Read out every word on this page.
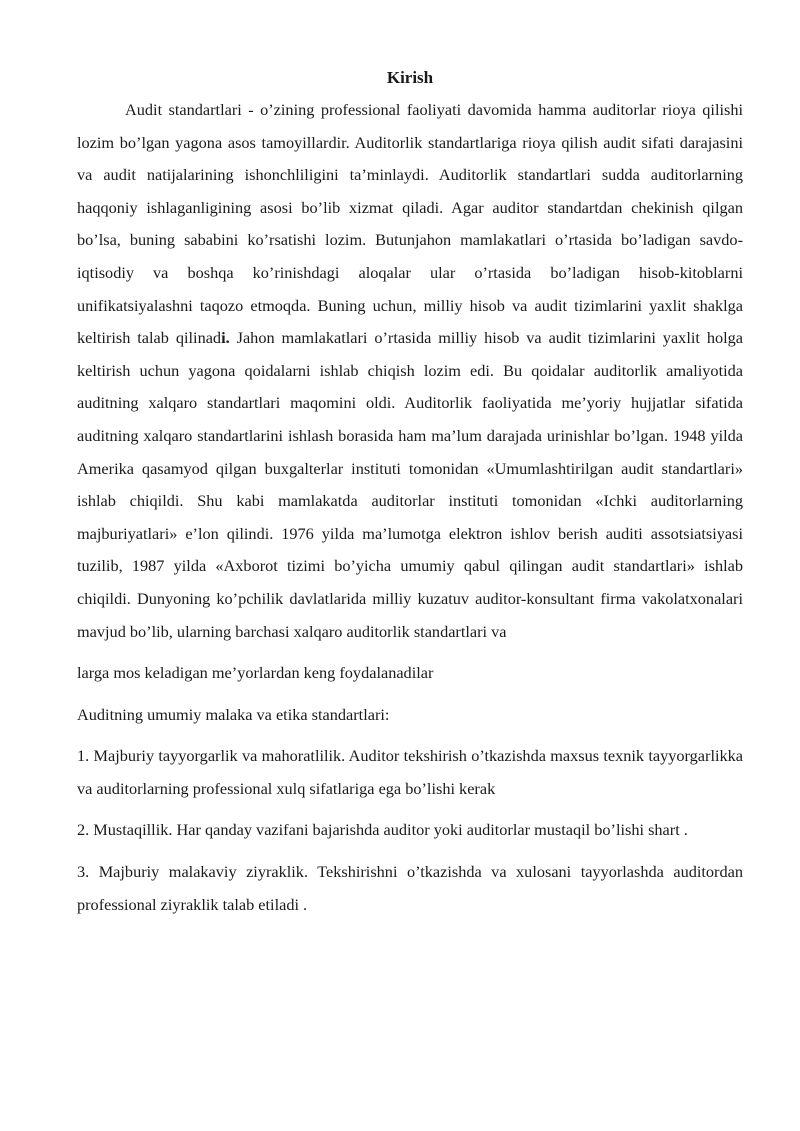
Kirish

Audit standartlari - o’zining professional faoliyati davomida hamma auditorlar rioya qilishi lozim bo’lgan yagona asos tamoyillardir. Auditorlik standartlariga rioya qilish audit sifati darajasini va audit natijalarining ishonchliligini ta’minlaydi. Auditorlik standartlari sudda auditorlarning haqqoniy ishlaganligining asosi bo’lib xizmat qiladi. Agar auditor standartdan chekinish qilgan bo’lsa, buning sababini ko’rsatishi lozim. Butunjahon mamlakatlari o’rtasida bo’ladigan savdo-iqtisodiy va boshqa ko’rinishdagi aloqalar ular o’rtasida bo’ladigan hisob-kitoblarni unifikatsiyalashni taqozo etmoqda. Buning uchun, milliy hisob va audit tizimlarini yaxlit shaklga keltirish talab qilinadi. Jahon mamlakatlari o’rtasida milliy hisob va audit tizimlarini yaxlit holga keltirish uchun yagona qoidalarni ishlab chiqish lozim edi. Bu qoidalar auditorlik amaliyotida auditning xalqaro standartlari maqomini oldi. Auditorlik faoliyatida me’yoriy hujjatlar sifatida auditning xalqaro standartlarini ishlash borasida ham ma’lum darajada urinishlar bo’lgan. 1948 yilda Amerika qasamyod qilgan buxgalterlar instituti tomonidan «Umumlashtirilgan audit standartlari» ishlab chiqildi. Shu kabi mamlakatda auditorlar instituti tomonidan «Ichki auditorlarning majburiyatlari» e’lon qilindi. 1976 yilda ma’lumotga elektron ishlov berish auditi assotsiatsiyasi tuzilib, 1987 yilda «Axborot tizimi bo’yicha umumiy qabul qilingan audit standartlari» ishlab chiqildi. Dunyoning ko’pchilik davlatlarida milliy kuzatuv auditor-konsultant firma vakolatxonalari mavjud bo’lib, ularning barchasi xalqaro auditorlik standartlari va

larga mos keladigan me’yorlardan keng foydalanadilar

Auditning umumiy malaka va etika standartlari:

1. Majburiy tayyorgarlik va mahoratlilik. Auditor tekshirish o’tkazishda maxsus texnik tayyorgarlikka va auditorlarning professional xulq sifatlariga ega bo’lishi kerak

2. Mustaqillik. Har qanday vazifani bajarishda auditor yoki auditorlar mustaqil bo’lishi shart .

3. Majburiy malakaviy ziyraklik. Tekshirishni o’tkazishda va xulosani tayyorlashda auditordan professional ziyraklik talab etiladi .
